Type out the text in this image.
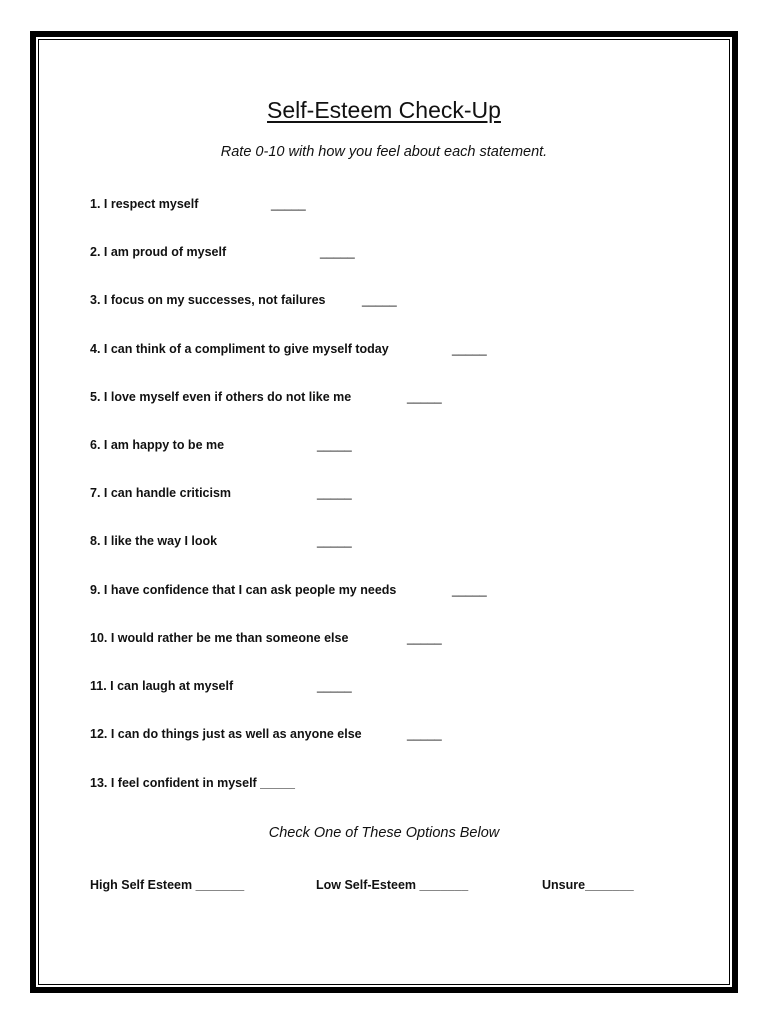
Self-Esteem Check-Up
Rate 0-10 with how you feel about each statement.
1. I respect myself	_____
2. I am proud of myself	_____
3. I focus on my successes, not failures	_____
4. I can think of a compliment to give myself today	_____
5. I love myself even if others do not like me	_____
6. I am happy to be me	_____
7. I can handle criticism	_____
8. I like the way I look	_____
9. I have confidence that I can ask people my needs	_____
10. I would rather be me than someone else	_____
11. I can laugh at myself	_____
12. I can do things just as well as anyone else	_____
13. I feel confident in myself _____
Check One of These Options Below
High Self Esteem _______	Low Self-Esteem _______	Unsure_______
